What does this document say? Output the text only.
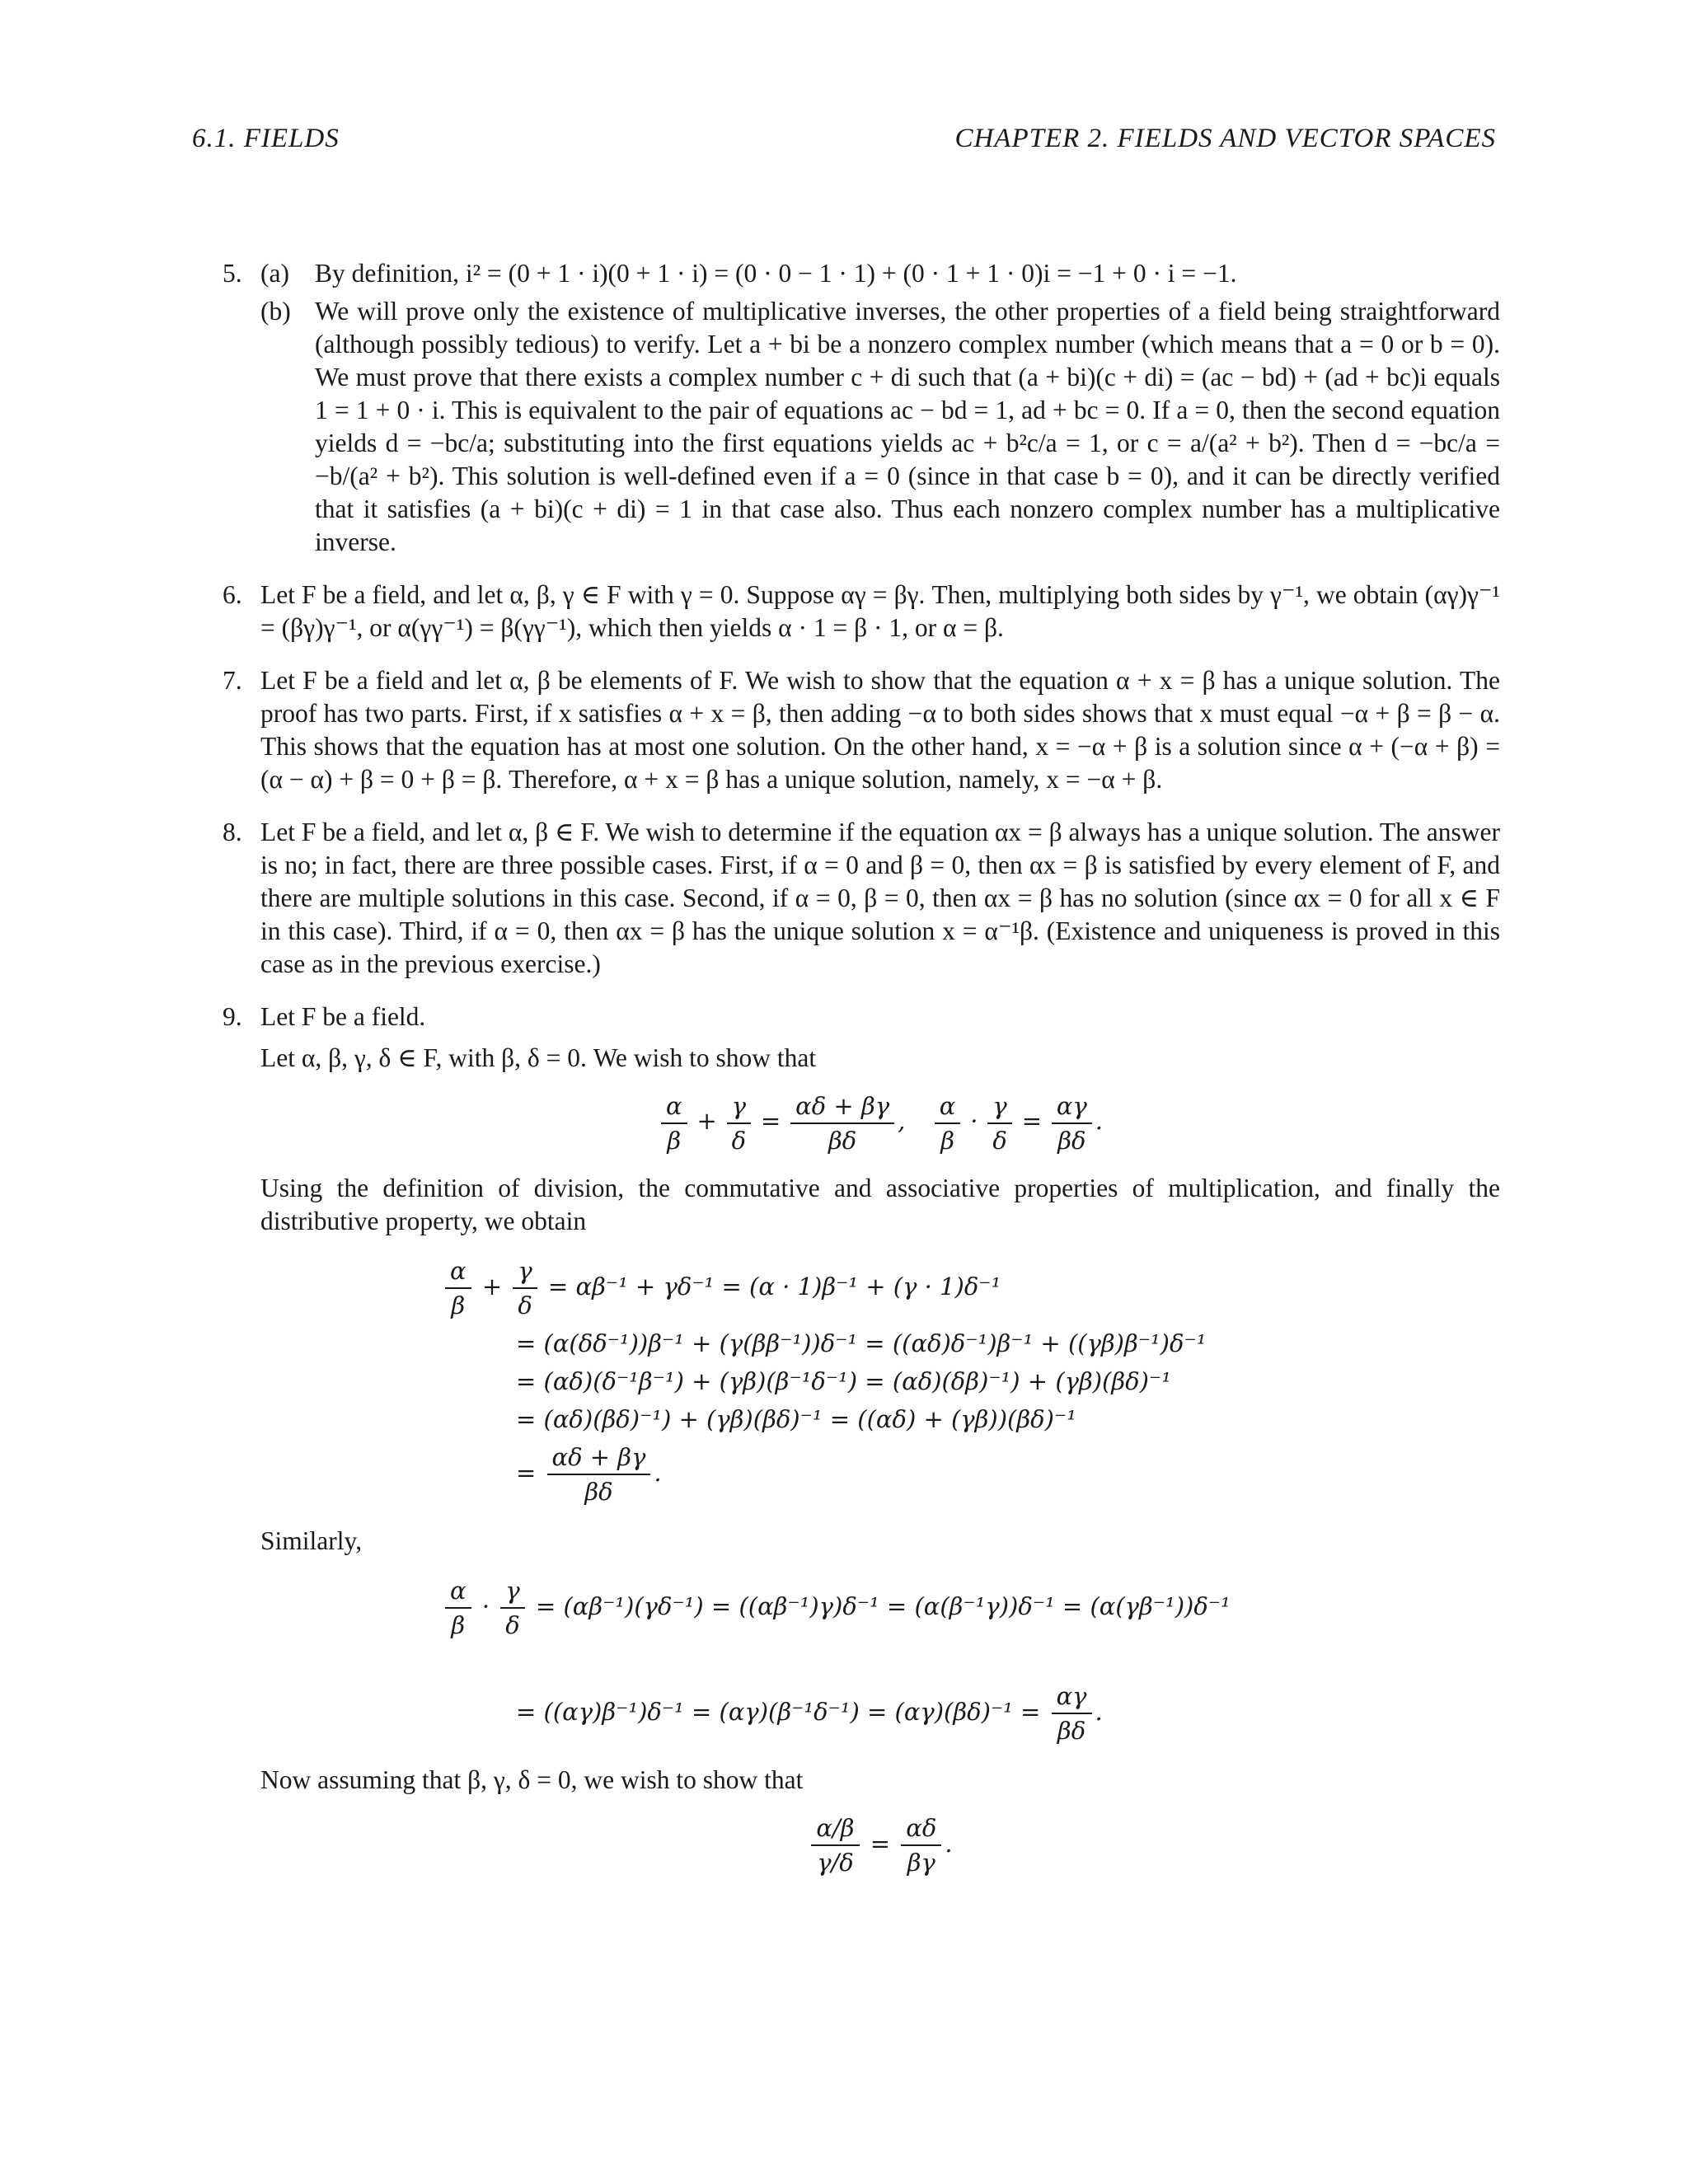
6.1. FIELDS	CHAPTER 2. FIELDS AND VECTOR SPACES
5. (a) By definition, i² = (0 + 1 · i)(0 + 1 · i) = (0 · 0 − 1 · 1) + (0 · 1 + 1 · 0)i = −1 + 0 · i = −1.

(b) We will prove only the existence of multiplicative inverses, the other properties of a field being straightforward (although possibly tedious) to verify. Let a + bi be a nonzero complex number (which means that a = 0 or b = 0). We must prove that there exists a complex number c + di such that (a + bi)(c + di) = (ac − bd) + (ad + bc)i equals 1 = 1 + 0 · i. This is equivalent to the pair of equations ac − bd = 1, ad + bc = 0. If a = 0, then the second equation yields d = −bc/a; substituting into the first equations yields ac + b²c/a = 1, or c = a/(a² + b²). Then d = −bc/a = −b/(a² + b²). This solution is well-defined even if a = 0 (since in that case b = 0), and it can be directly verified that it satisfies (a + bi)(c + di) = 1 in that case also. Thus each nonzero complex number has a multiplicative inverse.

6. Let F be a field, and let α, β, γ ∈ F with γ = 0. Suppose αγ = βγ. Then, multiplying both sides by γ⁻¹, we obtain (αγ)γ⁻¹ = (βγ)γ⁻¹, or α(γγ⁻¹) = β(γγ⁻¹), which then yields α · 1 = β · 1, or α = β.

7. Let F be a field and let α, β be elements of F. We wish to show that the equation α + x = β has a unique solution. The proof has two parts. First, if x satisfies α + x = β, then adding −α to both sides shows that x must equal −α + β = β − α. This shows that the equation has at most one solution. On the other hand, x = −α + β is a solution since α + (−α + β) = (α − α) + β = 0 + β = β. Therefore, α + x = β has a unique solution, namely, x = −α + β.

8. Let F be a field, and let α, β ∈ F. We wish to determine if the equation αx = β always has a unique solution. The answer is no; in fact, there are three possible cases. First, if α = 0 and β = 0, then αx = β is satisfied by every element of F, and there are multiple solutions in this case. Second, if α = 0, β = 0, then αx = β has no solution (since αx = 0 for all x ∈ F in this case). Third, if α = 0, then αx = β has the unique solution x = α⁻¹β. (Existence and uniqueness is proved in this case as in the previous exercise.)

9. Let F be a field.
Let α, β, γ, δ ∈ F, with β, δ = 0. We wish to show that
$\frac{\alpha}{\beta} + \frac{\gamma}{\delta} = \frac{\alpha\delta + \beta\gamma}{\beta\delta}$ , $\frac{\alpha}{\beta} \cdot \frac{\gamma}{\delta} = \frac{\alpha\gamma}{\beta\delta}$ .

Using the definition of division, the commutative and associative properties of multiplication, and finally the distributive property, we obtain

$\frac{\alpha}{\beta} + \frac{\gamma}{\delta} = \alpha\beta^{-1} + \gamma\delta^{-1} = (\alpha \cdot 1)\beta^{-1} + (\gamma \cdot 1)\delta^{-1}$
= (α(δδ⁻¹))β⁻¹ + (γ(ββ⁻¹))δ⁻¹ = ((αδ)δ⁻¹)β⁻¹ + ((γβ)β⁻¹)δ⁻¹
= (αδ)(δ⁻¹β⁻¹) + (γβ)(β⁻¹δ⁻¹) = (αδ)(δβ)⁻¹) + (γβ)(βδ)⁻¹
= (αδ)(βδ)⁻¹) + (γβ)(βδ)⁻¹ = ((αδ) + (γβ))(βδ)⁻¹
= $\frac{\alpha\delta + \beta\gamma}{\beta\delta}$ .
Similarly,
$\frac{\alpha}{\beta} \cdot \frac{\gamma}{\delta} = (\alpha\beta^{-1})(\gamma\delta^{-1}) = ((\alpha\beta^{-1})\gamma)\delta^{-1} = (\alpha(\beta^{-1}\gamma))\delta^{-1} = (\alpha(\gamma\beta^{-1}))\delta^{-1}$
= $((\alpha\gamma)\beta^{-1})\delta^{-1} = (\alpha\gamma)(\beta^{-1}\delta^{-1}) = (\alpha\gamma)(\beta\delta)^{-1} = \frac{\alpha\gamma}{\beta\delta}$ .

Now assuming that β, γ, δ = 0, we wish to show that

$\frac{\alpha/\beta}{\gamma/\delta} = \frac{\alpha\delta}{\beta\gamma}$ .
